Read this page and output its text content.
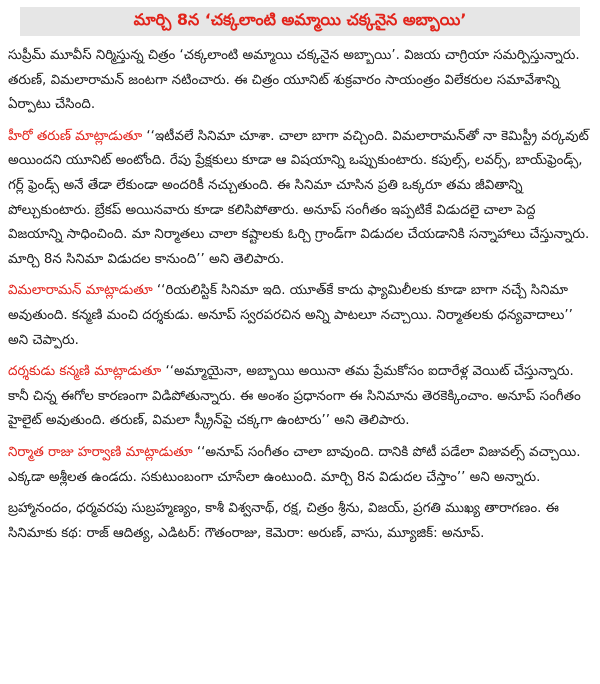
మార్చి 8న ‘చక్కలాంటి అమ్మాయి చక్కనైన అబ్బాయి’

సుప్రీమ్ మూవీస్ నిర్మిస్తున్న చిత్రం ‘చక్కలాంటి అమ్మాయి చక్కనైన అబ్బాయి’. విజయ చాగ్రియా సమర్పిస్తున్నారు. తరుణ్, విమలారామన్ జంటగా నటించారు. ఈ చిత్రం యూనిట్ శుక్రవారం సాయంత్రం విలేకరుల సమావేశాన్ని ఏర్పాటు చేసింది.

హీరో తరుణ్ మాట్లాడుతూ ‘‘ఇటీవలే సినిమా చూశా. చాలా బాగా వచ్చింది. విమలారామన్‌తో నా కెమిస్ట్రీ వర్కవుట్ అయిందని యూనిట్ అంటోంది. రేపు ప్రేక్షకులు కూడా ఆ విషయాన్ని ఒప్పుకుంటారు. కపుల్స్, లవర్స్, బాయ్‌ఫ్రెండ్స్, గర్ల్ ఫ్రెండ్స్ అనే తేడా లేకుండా అందరికీ నచ్చుతుంది. ఈ సినిమా చూసిన ప్రతి ఒక్కరూ తమ జీవితాన్ని పోల్చుకుంటారు. బ్రేకప్ అయినవారు కూడా కలిసిపోతారు. అనూప్ సంగీతం ఇప్పటికే విడుదలై చాలా పెద్ద విజయాన్ని సాధించింది. మా నిర్మాతలు చాలా కష్టాలకు ఓర్చి గ్రాండ్‌గా విడుదల చేయడానికి సన్నాహాలు చేస్తున్నారు. మార్చి 8న సినిమా విడుదల కానుంది’’ అని తెలిపారు.

విమలారామన్ మాట్లాడుతూ ‘‘రియలిస్టిక్ సినిమా ఇది. యూత్‌కే కాదు ఫ్యామిలీలకు కూడా బాగా నచ్చే సినిమా అవుతుంది. కన్మణి మంచి దర్శకుడు. అనూప్ స్వరపరచిన అన్ని పాటలూ నచ్చాయి. నిర్మాతలకు ధన్యవాదాలు’’ అని చెప్పారు.

దర్శకుడు కన్మణి మాట్లాడుతూ ‘‘అమ్మాయైనా, అబ్బాయి అయినా తమ ప్రేమకోసం ఐదారేళ్ల వెయిట్ చేస్తున్నారు. కానీ చిన్న ఈగోల కారణంగా విడిపోతున్నారు. ఈ అంశం ప్రధానంగా ఈ సినిమాను తెరకెక్కించాం. అనూప్ సంగీతం హైలైట్ అవుతుంది. తరుణ్, విమలా స్క్రీన్‌పై చక్కగా ఉంటారు’’ అని తెలిపారు.

నిర్మాత రాజు హర్వాణి మాట్లాడుతూ ‘‘అనూప్ సంగీతం చాలా బావుంది. దానికి పోటీ పడేలా విజువల్స్ వచ్చాయి. ఎక్కడా అశ్లీలత ఉండదు. సకుటుంబంగా చూసేలా ఉంటుంది. మార్చి 8న విడుదల చేస్తాం’’ అని అన్నారు.

బ్రహ్మానందం, ధర్మవరపు సుబ్రహ్మణ్యం, కాశీ విశ్వనాథ్, రక్ష, చిత్రం శ్రీను, విజయ్, ప్రగతి ముఖ్య తారాగణం. ఈ సినిమాకు కథ: రాజ్ ఆదిత్య, ఎడిటర్: గౌతంరాజు, కెమెరా: అరుణ్, వాసు, మ్యూజిక్: అనూప్.
